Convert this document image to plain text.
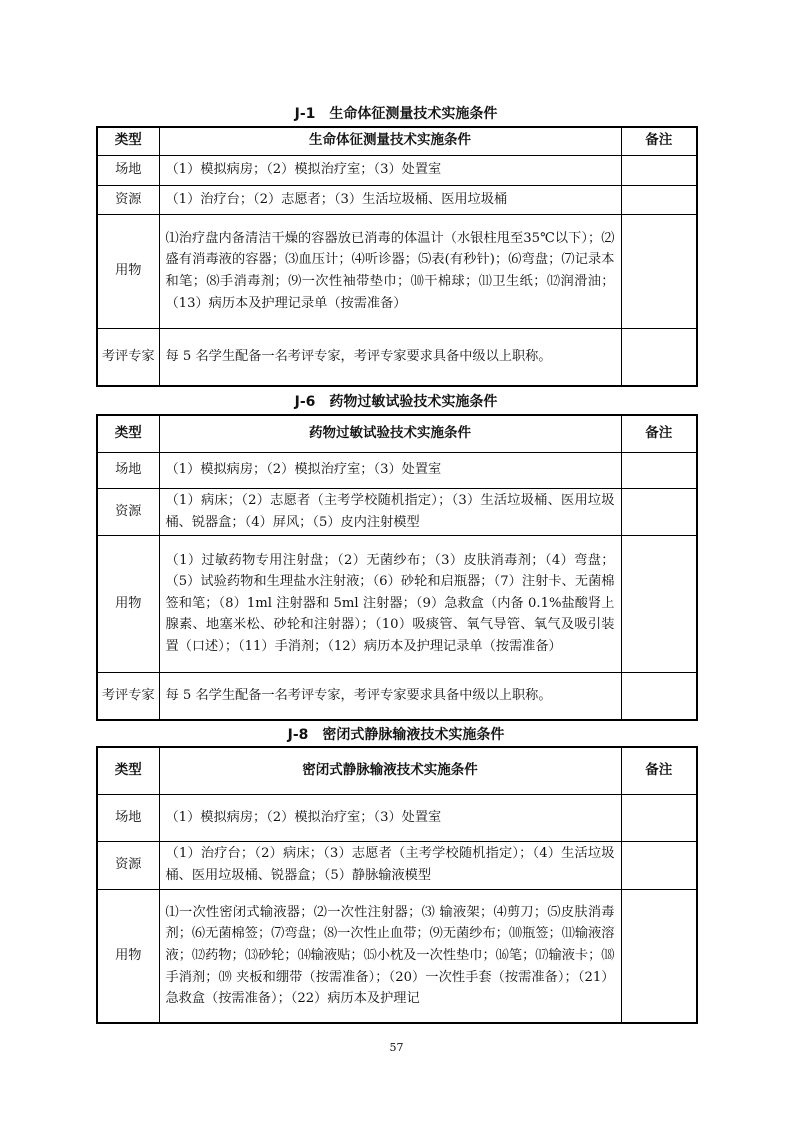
J-1 生命体征测量技术实施条件
类型	生命体征测量技术实施条件	备注
场地	（1）模拟病房；（2）模拟治疗室；（3）处置室	
资源	（1）治疗台；（2）志愿者；（3）生活垃圾桶、医用垃圾桶	
用物	⑴治疗盘内备清洁干燥的容器放已消毒的体温计（水银柱甩至35℃以下）；⑵盛有消毒液的容器；⑶血压计；⑷听诊器；⑸表(有秒针)；⑹弯盘；⑺记录本和笔；⑻手消毒剂；⑼一次性袖带垫巾；⑽干棉球；⑾卫生纸；⑿润滑油；（13）病历本及护理记录单（按需准备）	
考评专家	每 5 名学生配备一名考评专家，考评专家要求具备中级以上职称。	
J-6 药物过敏试验技术实施条件
类型	药物过敏试验技术实施条件	备注
场地	（1）模拟病房；（2）模拟治疗室；（3）处置室	
资源	（1）病床；（2）志愿者（主考学校随机指定）；（3）生活垃圾桶、医用垃圾桶、锐器盒；（4）屏风；（5）皮内注射模型	
用物	（1）过敏药物专用注射盘；（2）无菌纱布；（3）皮肤消毒剂；（4）弯盘；（5）试验药物和生理盐水注射液；（6）砂轮和启瓶器；（7）注射卡、无菌棉签和笔；（8）1ml 注射器和 5ml 注射器；（9）急救盒（内备 0.1%盐酸肾上腺素、地塞米松、砂轮和注射器）；（10）吸痰管、氧气导管、氧气及吸引装置（口述）；（11）手消剂；（12）病历本及护理记录单（按需准备）	
考评专家	每 5 名学生配备一名考评专家，考评专家要求具备中级以上职称。	
J-8 密闭式静脉输液技术实施条件
类型	密闭式静脉输液技术实施条件	备注
场地	（1）模拟病房；（2）模拟治疗室；（3）处置室	
资源	（1）治疗台；（2）病床；（3）志愿者（主考学校随机指定）；（4）生活垃圾桶、医用垃圾桶、锐器盒；（5）静脉输液模型	
用物	⑴一次性密闭式输液器；⑵一次性注射器；⑶ 输液架；⑷剪刀；⑸皮肤消毒剂；⑹无菌棉签；⑺弯盘；⑻一次性止血带；⑼无菌纱布；⑽瓶签；⑾输液溶液；⑿药物；⒀砂轮；⒁输液贴；⒂小枕及一次性垫巾；⒃笔；⒄输液卡；⒅手消剂；⒆ 夹板和绷带（按需准备）；（20）一次性手套（按需准备）；（21）急救盒（按需准备）；（22）病历本及护理记	
57
